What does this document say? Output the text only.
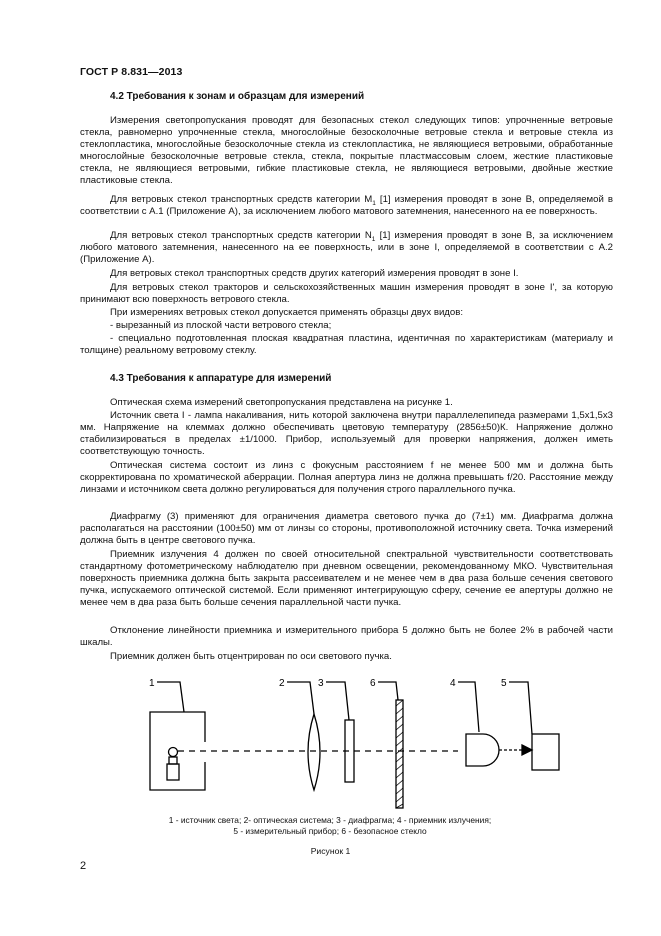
ГОСТ Р 8.831—2013
4.2 Требования к зонам и образцам для измерений

Измерения светопропускания проводят для безопасных стекол следующих типов: упрочненные ветровые стекла, равномерно упрочненные стекла, многослойные безосколочные ветровые стекла и ветровые стекла из стеклопластика, многослойные безосколочные стекла из стеклопластика, не являющиеся ветровыми, обработанные многослойные безосколочные ветровые стекла, стекла, покрытые пластмассовым слоем, жесткие пластиковые стекла, не являющиеся ветровыми, гибкие пластиковые стекла, не являющиеся ветровыми, двойные жесткие пластиковые стекла.

Для ветровых стекол транспортных средств категории $M_1$ [1] измерения проводят в зоне B, определяемой в соответствии с А.1 (Приложение А), за исключением любого матового затемнения, нанесенного на ее поверхность.

Для ветровых стекол транспортных средств категории $N_1$ [1] измерения проводят в зоне B, за исключением любого матового затемнения, нанесенного на ее поверхность, или в зоне I, определяемой в соответствии с А.2 (Приложение А).

Для ветровых стекол транспортных средств других категорий измерения проводят в зоне I.

Для ветровых стекол тракторов и сельскохозяйственных машин измерения проводят в зоне I', за которую принимают всю поверхность ветрового стекла.

При измерениях ветровых стекол допускается применять образцы двух видов:

- вырезанный из плоской части ветрового стекла;

- специально подготовленная плоская квадратная пластина, идентичная по характеристикам (материалу и толщине) реальному ветровому стеклу.

4.3 Требования к аппаратуре для измерений

Оптическая схема измерений светопропускания представлена на рисунке 1.

Источник света I - лампа накаливания, нить которой заключена внутри параллелепипеда размерами 1,5х1,5х3 мм. Напряжение на клеммах должно обеспечивать цветовую температуру (2856±50)К. Напряжение должно стабилизироваться в пределах ±1/1000. Прибор, используемый для проверки напряжения, должен иметь соответствующую точность.

Оптическая система состоит из линз с фокусным расстоянием f не менее 500 мм и должна быть скорректирована по хроматической аберрации. Полная апертура линз не должна превышать f/20. Расстояние между линзами и источником света должно регулироваться для получения строго параллельного пучка.

Диафрагму (3) применяют для ограничения диаметра светового пучка до (7±1) мм. Диафрагма должна располагаться на расстоянии (100±50) мм от линзы со стороны, противоположной источнику света. Точка измерений должна быть в центре светового пучка.

Приемник излучения 4 должен по своей относительной спектральной чувствительности соответствовать стандартному фотометрическому наблюдателю при дневном освещении, рекомендованному МКО. Чувствительная поверхность приемника должна быть закрыта рассеивателем и не менее чем в два раза больше сечения светового пучка, испускаемого оптической системой. Если применяют интегрирующую сферу, сечение ее апертуры должно не менее чем в два раза быть больше сечения параллельной части пучка.

Отклонение линейности приемника и измерительного прибора 5 должно быть не более 2% в рабочей части шкалы.

Приемник должен быть отцентрирован по оси светового пучка.

1	2	3	6	4	5
1 - источник света; 2- оптическая система; 3 - диафрагма; 4 - приемник излучения;
5 - измерительный прибор; 6 - безопасное стекло
Рисунок 1
2
